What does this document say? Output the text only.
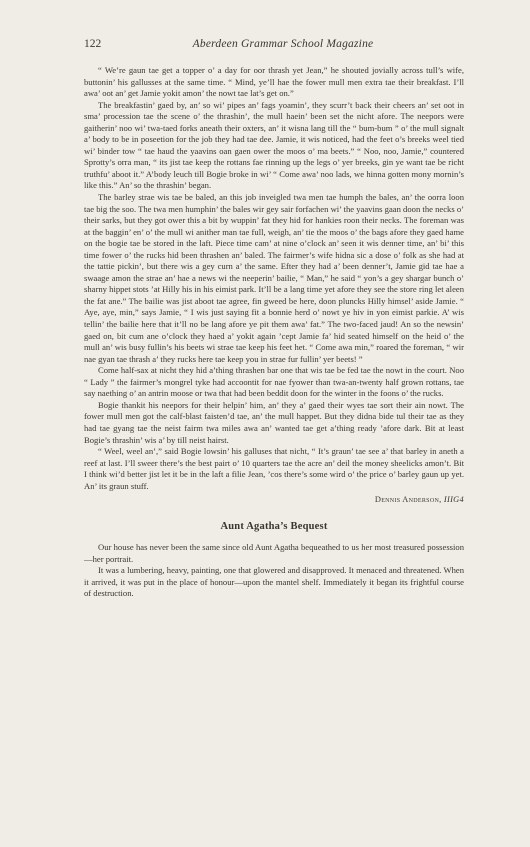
122	Aberdeen Grammar School Magazine

“ We’re gaun tae get a topper o’ a day for oor thrash yet Jean,” he shouted jovially across tull’s wife, buttonin’ his gallusses at the same time. “ Mind, ye’ll hae the fower mull men extra tae their breakfast. I’ll awa’ oot an’ get Jamie yokit amon’ the nowt tae lat’s get on.”

The breakfastin’ gaed by, an’ so wi’ pipes an’ fags yoamin’, they scurr’t back their cheers an’ set oot in sma’ procession tae the scene o’ the thrashin’, the mull haein’ been set the nicht afore. The neepors were gaitherin’ noo wi’ twa-taed forks aneath their oxters, an’ it wisna lang till the “ bum-bum ” o’ the mull signalt a’ body to be in poseetion for the job they had tae dee. Jamie, it wis noticed, had the feet o’s breeks weel tied wi’ binder tow “ tae haud the yaavins oan gaen ower the moos o’ ma beets.” “ Noo, noo, Jamie,” countered Sprotty’s orra man, “ its jist tae keep the rottans fae rinning up the legs o’ yer breeks, gin ye want tae be richt truthfu’ aboot it.” A’body leuch till Bogie broke in wi’ “ Come awa’ noo lads, we hinna gotten mony mornin’s like this.” An’ so the thrashin’ began.

The barley strae wis tae be baled, an this job inveigled twa men tae humph the bales, an’ the oorra loon tae big the soo. The twa men humphin’ the bales wir gey sair forfachen wi’ the yaavins gaan doon the necks o’ their sarks, but they got ower this a bit by wuppin’ fat they hid for hankies roon their necks. The foreman was at the baggin’ en’ o’ the mull wi anither man tae full, weigh, an’ tie the moos o’ the bags afore they gaed hame on the bogie tae be stored in the laft. Piece time cam’ at nine o’clock an’ seen it wis denner time, an’ bi’ this time fower o’ the rucks hid been thrashen an’ baled. The fairmer’s wife hidna sic a dose o’ folk as she had at the tattie pickin’, but there wis a gey curn a’ the same. Efter they had a’ been denner’t, Jamie gid tae hae a swaage amon the strae an’ hae a news wi the neeperin’ bailie, “ Man,” he said “ yon’s a gey shargar bunch o’ sharny hippet stots ’at Hilly his in his eimist park. It’ll be a lang time yet afore they see the store ring let aleen the fat ane.” The bailie was jist aboot tae agree, fin gweed be here, doon pluncks Hilly himsel’ aside Jamie. “ Aye, aye, min,” says Jamie, “ I wis just saying fit a bonnie herd o’ nowt ye hiv in yon eimist parkie. A’ wis tellin’ the bailie here that it’ll no be lang afore ye pit them awa’ fat.” The two-faced jaud! An so the newsin’ gaed on, bit cum ane o’clock they haed a’ yokit again ’cept Jamie fa’ hid seated himself on the heid o’ the mull an’ wis busy fullin’s his beets wi strae tae keep his feet het. “ Come awa min,” roared the foreman, “ wir nae gyan tae thrash a’ they rucks here tae keep you in strae fur fullin’ yer beets! ”

Come half-sax at nicht they hid a’thing thrashen bar one that wis tae be fed tae the nowt in the court. Noo “ Lady ” the fairmer’s mongrel tyke had accoontit for nae fyower than twa-an-twenty half grown rottans, tae say naething o’ an antrin moose or twa that had been beddit doon for the winter in the foons o’ the rucks.

Bogie thankit his neepors for their helpin’ him, an’ they a’ gaed their wyes tae sort their ain nowt. The fower mull men got the calf-blast faisten’d tae, an’ the mull happet. But they didna bide tul their tae as they had tae gyang tae the neist fairm twa miles awa an’ wanted tae get a’thing ready ’afore dark. Bit at least Bogie’s thrashin’ wis a’ by till neist hairst.

“ Weel, weel an’,” said Bogie lowsin’ his galluses that nicht, “ It’s graun’ tae see a’ that barley in aneth a reef at last. I’ll sweer there’s the best pairt o’ 10 quarters tae the acre an’ deil the money sheelicks amon’t. Bit I think wi’d better jist let it be in the laft a filie Jean, ’cos there’s some wird o’ the price o’ barley gaun up yet. An’ its graun stuff.

Dennis Anderson, IIIG4
Aunt Agatha’s Bequest

Our house has never been the same since old Aunt Agatha bequeathed to us her most treasured possession—her portrait.

It was a lumbering, heavy, painting, one that glowered and disapproved. It menaced and threatened. When it arrived, it was put in the place of honour—upon the mantel shelf. Immediately it began its frightful course of destruction.
